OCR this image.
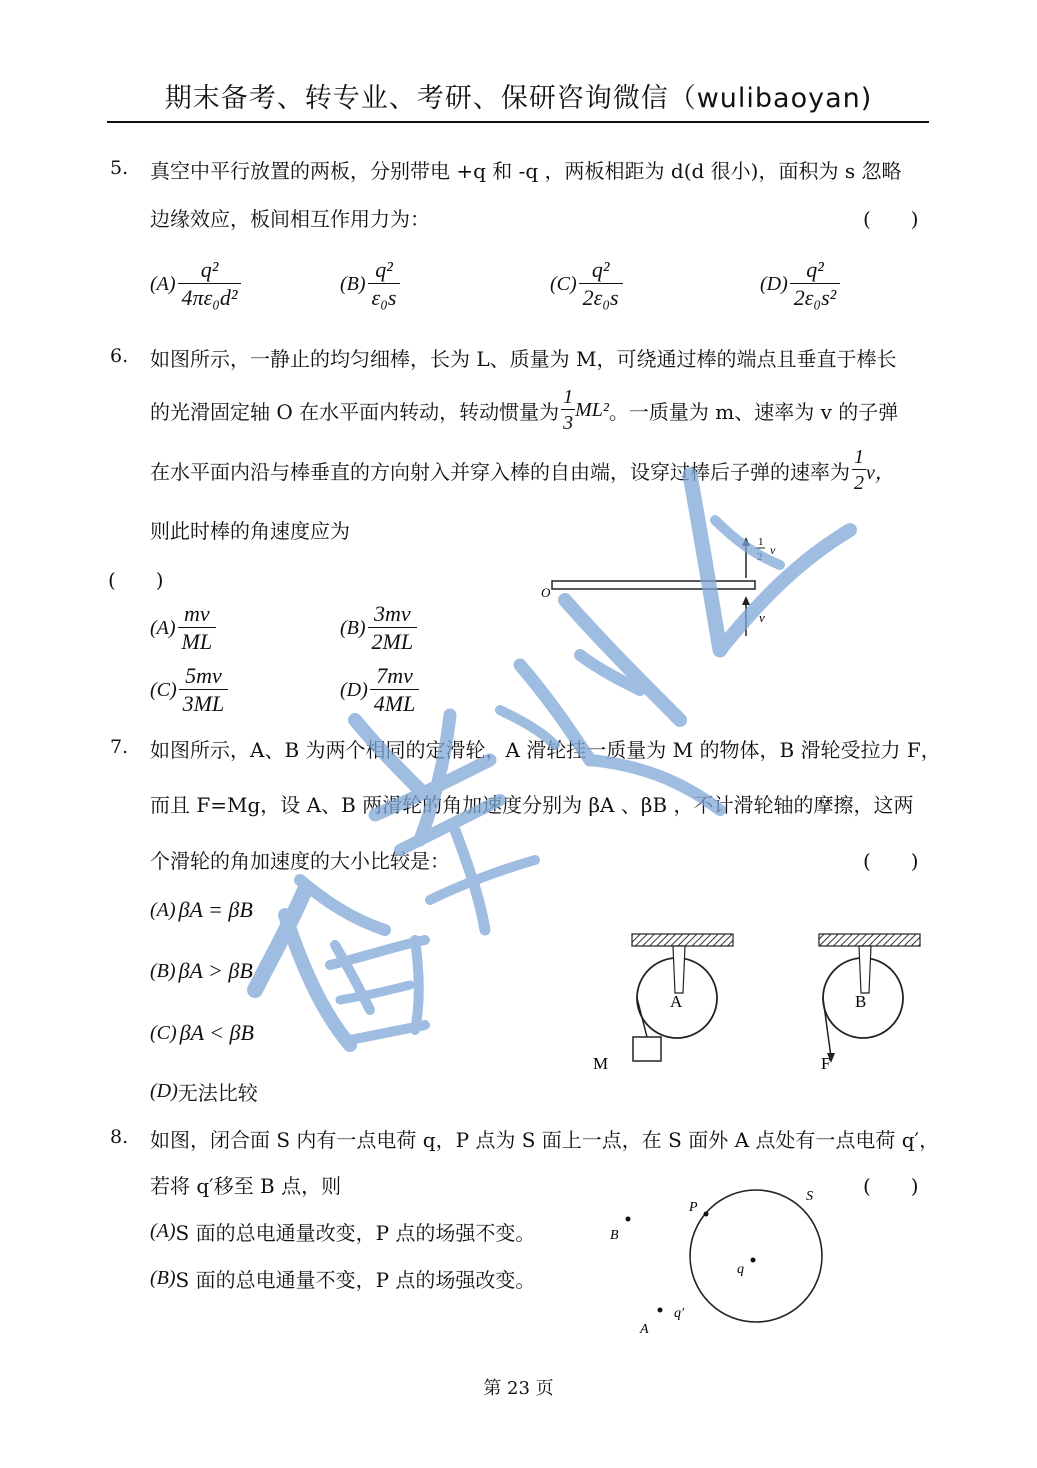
期末备考、转专业、考研、保研咨询微信（wulibaoyan)
5. 真空中平行放置的两板，分别带电 +q 和 -q ，两板相距为 d(d 很小)，面积为 s 忽略
边缘效应，板间相互作用力为：	(　　)
$(A) \frac{\text{q²}}{\text{4πε₀d²}}$	$(B) \frac{\text{q²}}{\text{ε₀s}}$	$(C) \frac{\text{q²}}{\text{2ε₀s}}$	$(D) \frac{\text{q²}}{\text{2ε₀s²}}$
6. 如图所示，一静止的均匀细棒，长为 L、质量为 M，可绕通过棒的端点且垂直于棒长
的光滑固定轴 O 在水平面内转动，转动惯量为 $\frac{1}{3} ML^2$ 。一质量为 m、速率为 v 的子弹
在水平面内沿与棒垂直的方向射入并穿入棒的自由端，设穿过棒后子弹的速率为 $\frac{1}{2}$ v，
则此时棒的角速度应为
(　　)
$(A) \frac{mv}{ML}$	$(B) \frac{3mv}{2ML}$
$(C) \frac{5mv}{3ML}$	$(D) \frac{7mv}{4ML}$
O
v
1
2 v
7. 如图所示，A、B 为两个相同的定滑轮，A 滑轮挂一质量为 M 的物体，B 滑轮受拉力 F，
而且 F=Mg，设 A、B 两滑轮的角加速度分别为 βA 、βB ，不计滑轮轴的摩擦，这两
个滑轮的角加速度的大小比较是：	(　　)
(A) βA = βB
(B) βA > βB
(C) βA < βB
(D) 无法比较
A
M
B
F
8. 如图，闭合面 S 内有一点电荷 q，P 点为 S 面上一点，在 S 面外 A 点处有一点电荷 q′，
若将 q′移至 B 点，则	(　　)
(A) S 面的总电通量改变，P 点的场强不变。
(B) S 面的总电通量不变，P 点的场强改变。
S
P
q
B
q′
A
第 23 页
